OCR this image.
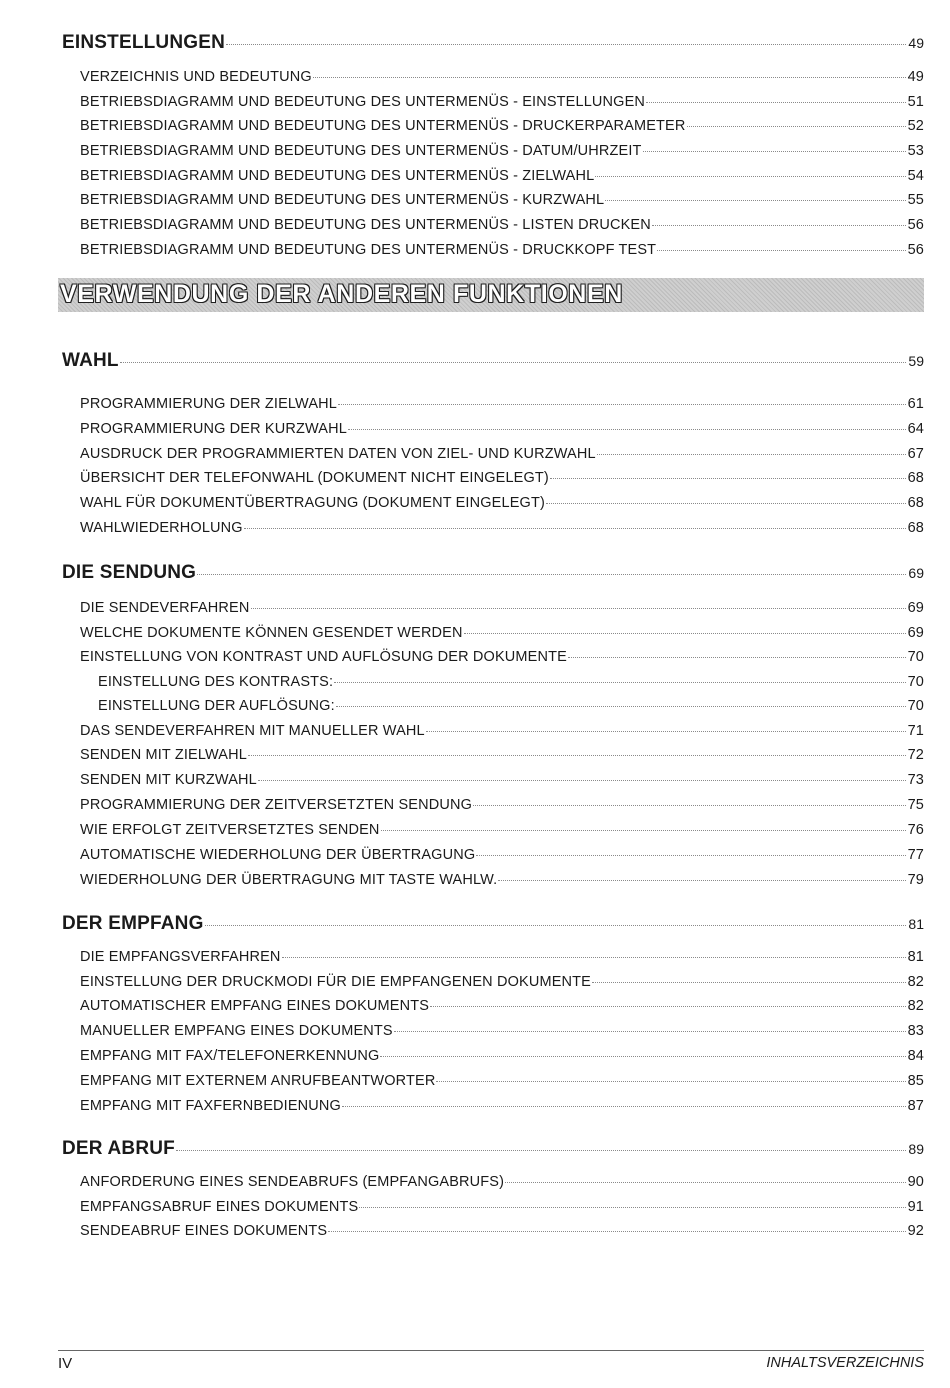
EINSTELLUNGEN	49
VERZEICHNIS UND BEDEUTUNG	49
BETRIEBSDIAGRAMM UND BEDEUTUNG DES UNTERMENÜS - EINSTELLUNGEN	51
BETRIEBSDIAGRAMM UND BEDEUTUNG DES UNTERMENÜS - DRUCKERPARAMETER	52
BETRIEBSDIAGRAMM UND BEDEUTUNG DES UNTERMENÜS - DATUM/UHRZEIT	53
BETRIEBSDIAGRAMM UND BEDEUTUNG DES UNTERMENÜS - ZIELWAHL	54
BETRIEBSDIAGRAMM UND BEDEUTUNG DES UNTERMENÜS - KURZWAHL	55
BETRIEBSDIAGRAMM UND BEDEUTUNG DES UNTERMENÜS - LISTEN DRUCKEN	56
BETRIEBSDIAGRAMM UND BEDEUTUNG DES UNTERMENÜS - DRUCKKOPF TEST	56
VERWENDUNG DER ANDEREN FUNKTIONEN
WAHL	59
PROGRAMMIERUNG DER ZIELWAHL	61
PROGRAMMIERUNG DER KURZWAHL	64
AUSDRUCK DER PROGRAMMIERTEN DATEN VON ZIEL- UND KURZWAHL	67
ÜBERSICHT DER TELEFONWAHL (DOKUMENT NICHT EINGELEGT)	68
WAHL FÜR DOKUMENTÜBERTRAGUNG (DOKUMENT EINGELEGT)	68
WAHLWIEDERHOLUNG	68
DIE SENDUNG	69
DIE SENDEVERFAHREN	69
WELCHE DOKUMENTE KÖNNEN GESENDET WERDEN	69
EINSTELLUNG VON KONTRAST UND AUFLÖSUNG DER DOKUMENTE	70
EINSTELLUNG DES KONTRASTS:	70
EINSTELLUNG DER AUFLÖSUNG:	70
DAS SENDEVERFAHREN MIT MANUELLER WAHL	71
SENDEN MIT ZIELWAHL	72
SENDEN MIT KURZWAHL	73
PROGRAMMIERUNG DER ZEITVERSETZTEN SENDUNG	75
WIE ERFOLGT ZEITVERSETZTES SENDEN	76
AUTOMATISCHE WIEDERHOLUNG DER ÜBERTRAGUNG	77
WIEDERHOLUNG DER ÜBERTRAGUNG MIT TASTE WAHLW.	79
DER EMPFANG	81
DIE EMPFANGSVERFAHREN	81
EINSTELLUNG DER DRUCKMODI FÜR DIE EMPFANGENEN DOKUMENTE	82
AUTOMATISCHER EMPFANG EINES DOKUMENTS	82
MANUELLER EMPFANG EINES DOKUMENTS	83
EMPFANG MIT FAX/TELEFONERKENNUNG	84
EMPFANG MIT EXTERNEM ANRUFBEANTWORTER	85
EMPFANG MIT FAXFERNBEDIENUNG	87
DER ABRUF	89
ANFORDERUNG EINES SENDEABRUFS (EMPFANGABRUFS)	90
EMPFANGSABRUF EINES DOKUMENTS	91
SENDEABRUF EINES DOKUMENTS	92
IV	INHALTSVERZEICHNIS
